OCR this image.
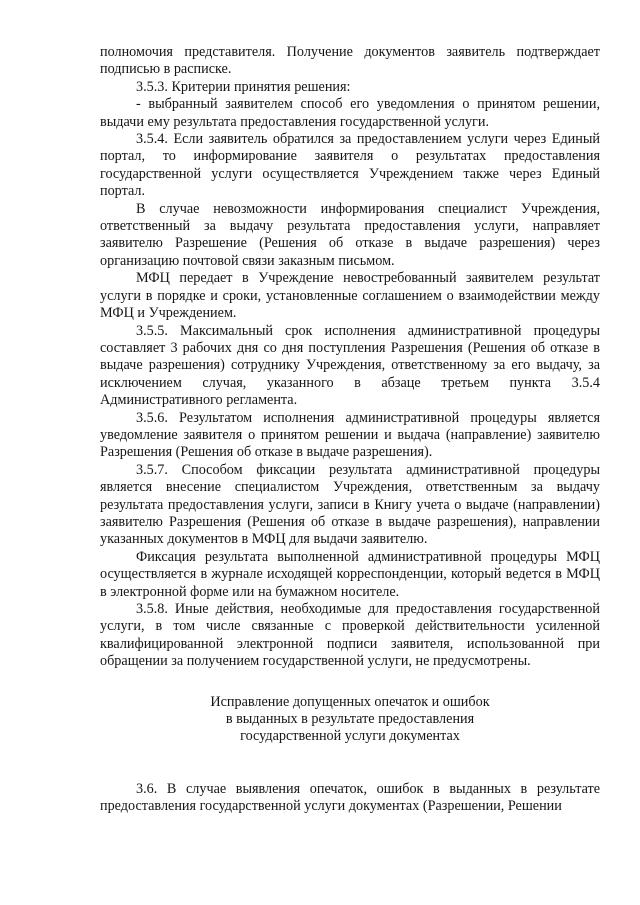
полномочия представителя. Получение документов заявитель подтверждает подписью в расписке.

3.5.3. Критерии принятия решения:

- выбранный заявителем способ его уведомления о принятом решении, выдачи ему результата предоставления государственной услуги.

3.5.4. Если заявитель обратился за предоставлением услуги через Единый портал, то информирование заявителя о результатах предоставления государственной услуги осуществляется Учреждением также через Единый портал.

В случае невозможности информирования специалист Учреждения, ответственный за выдачу результата предоставления услуги, направляет заявителю Разрешение (Решения об отказе в выдаче разрешения) через организацию почтовой связи заказным письмом.

МФЦ передает в Учреждение невостребованный заявителем результат услуги в порядке и сроки, установленные соглашением о взаимодействии между МФЦ и Учреждением.

3.5.5. Максимальный срок исполнения административной процедуры составляет 3 рабочих дня со дня поступления Разрешения (Решения об отказе в выдаче разрешения) сотруднику Учреждения, ответственному за его выдачу, за исключением случая, указанного в абзаце третьем пункта 3.5.4 Административного регламента.

3.5.6. Результатом исполнения административной процедуры является уведомление заявителя о принятом решении и выдача (направление) заявителю Разрешения (Решения об отказе в выдаче разрешения).

3.5.7. Способом фиксации результата административной процедуры является внесение специалистом Учреждения, ответственным за выдачу результата предоставления услуги, записи в Книгу учета о выдаче (направлении) заявителю Разрешения (Решения об отказе в выдаче разрешения), направлении указанных документов в МФЦ для выдачи заявителю.

Фиксация результата выполненной административной процедуры МФЦ осуществляется в журнале исходящей корреспонденции, который ведется в МФЦ в электронной форме или на бумажном носителе.

3.5.8. Иные действия, необходимые для предоставления государственной услуги, в том числе связанные с проверкой действительности усиленной квалифицированной электронной подписи заявителя, использованной при обращении за получением государственной услуги, не предусмотрены.

Исправление допущенных опечаток и ошибок
в выданных в результате предоставления
государственной услуги документах

3.6. В случае выявления опечаток, ошибок в выданных в результате предоставления государственной услуги документах (Разрешении, Решении
